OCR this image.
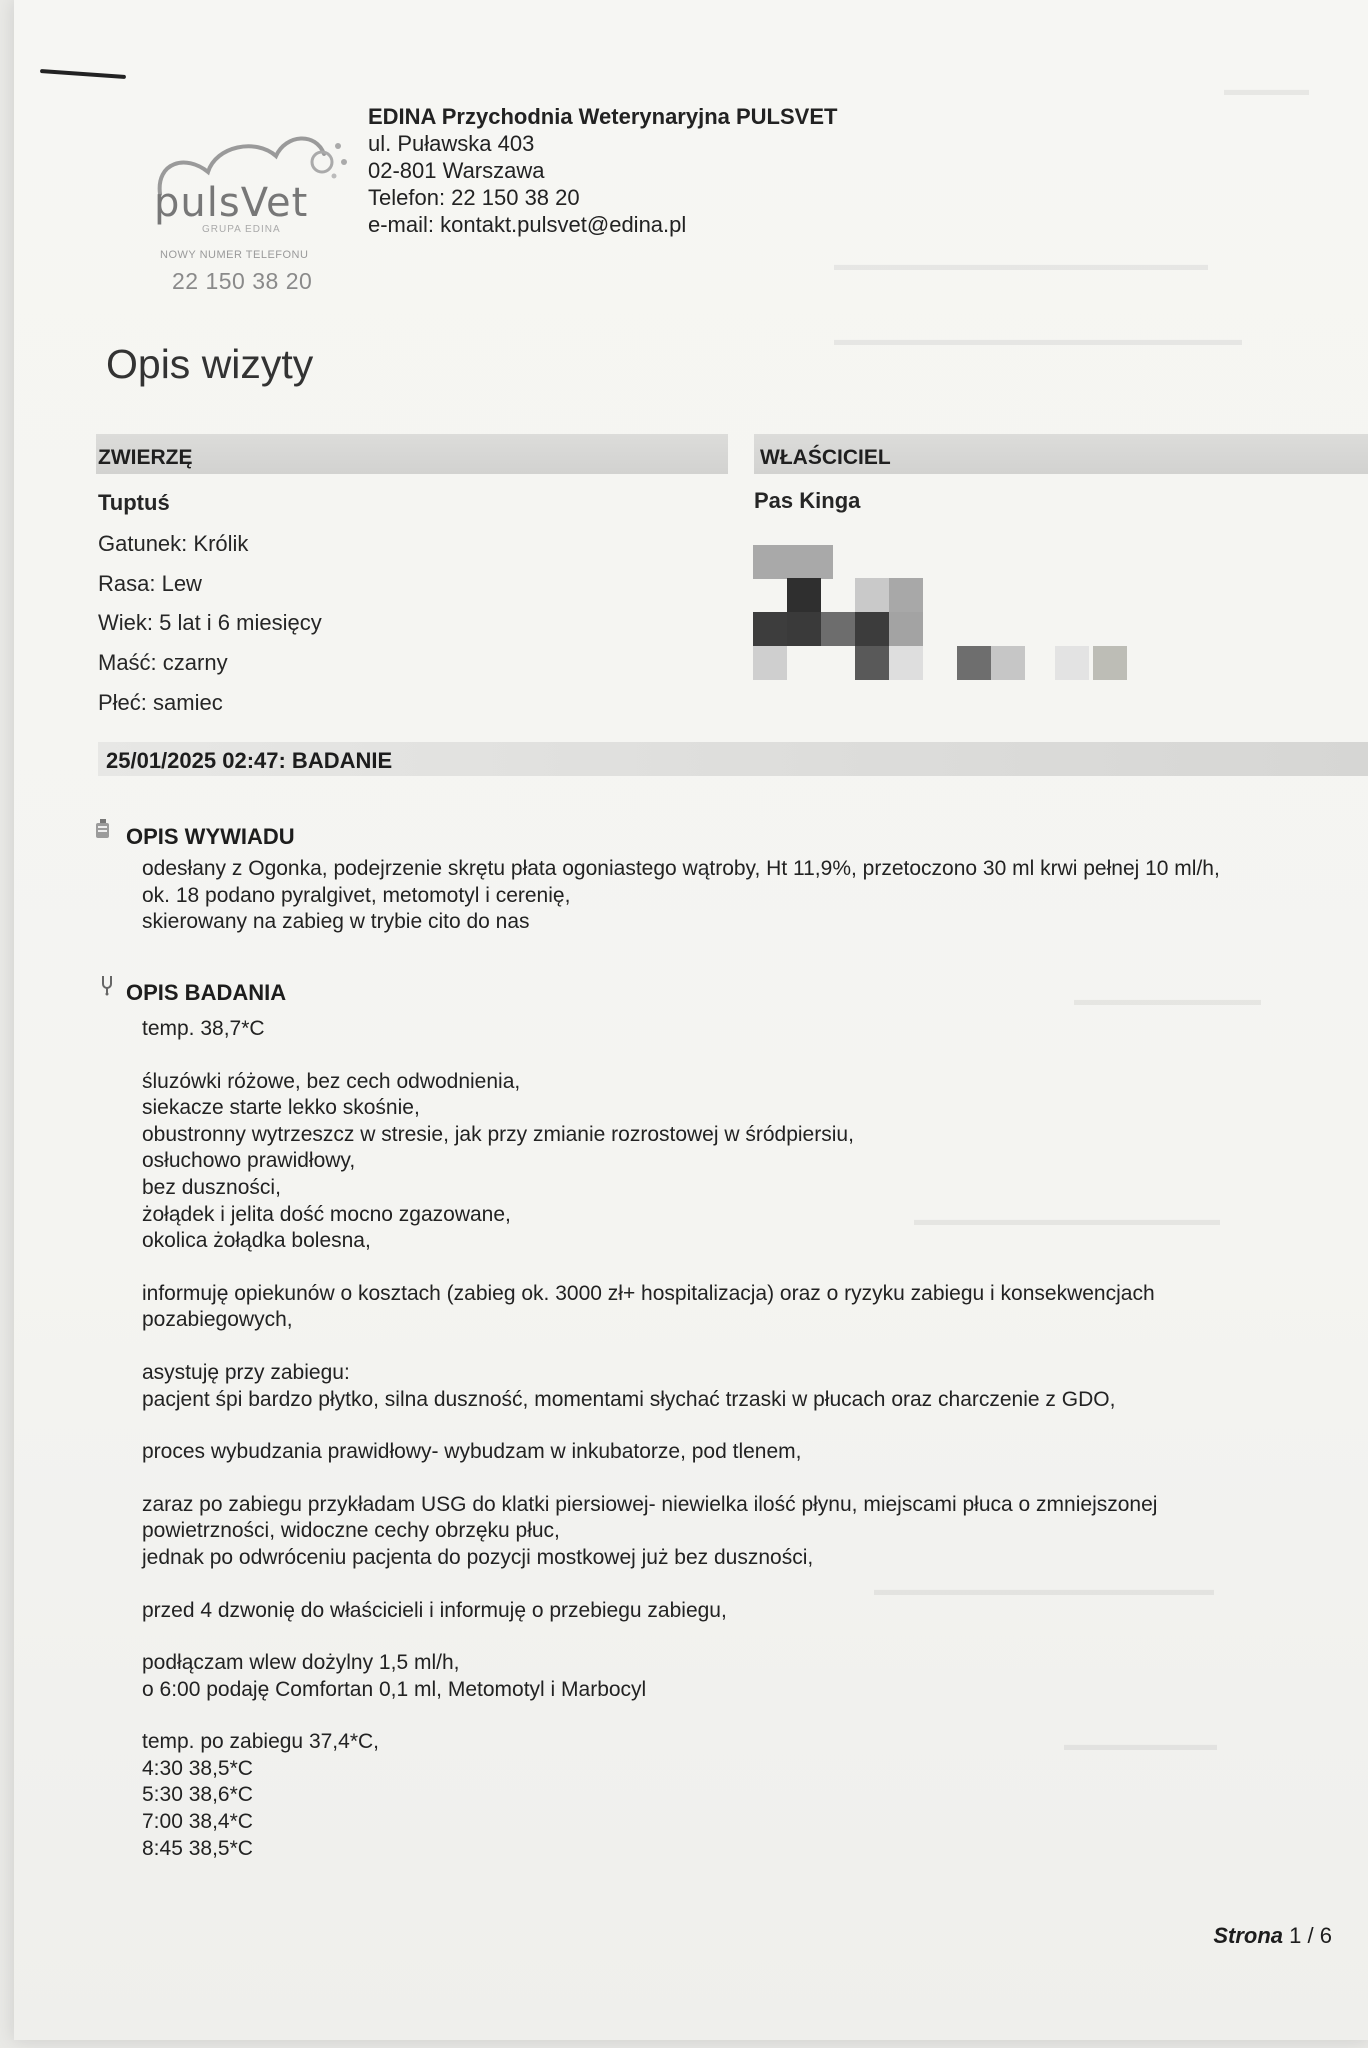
▬▬▬▬▬
▬▬▬▬▬▬▬▬▬▬▬▬▬▬▬▬▬▬▬▬▬▬
▬▬▬▬▬▬▬▬▬▬▬▬▬▬▬▬▬▬▬▬▬▬▬▬
▬▬▬▬▬▬▬▬▬▬▬
▬▬▬▬▬▬▬▬▬▬▬▬▬▬▬▬▬▬
▬▬▬▬▬▬▬▬▬▬▬▬▬▬▬▬▬▬▬▬
▬▬▬▬▬▬▬▬▬
pulsVet
GRUPA EDINA
NOWY NUMER TELEFONU
22 150 38 20
EDINA Przychodnia Weterynaryjna PULSVET
ul. Puławska 403
02-801 Warszawa
Telefon: 22 150 38 20
e-mail: kontakt.pulsvet@edina.pl
Opis wizyty
ZWIERZĘ
Tuptuś
Gatunek: Królik
Rasa: Lew
Wiek: 5 lat i 6 miesięcy
Maść: czarny
Płeć: samiec
WŁAŚCICIEL
Pas Kinga
25/01/2025 02:47: BADANIE
OPIS WYWIADU
odesłany z Ogonka, podejrzenie skrętu płata ogoniastego wątroby, Ht 11,9%, przetoczono 30 ml krwi pełnej 10 ml/h,
ok. 18 podano pyralgivet, metomotyl i cerenię,
skierowany na zabieg w trybie cito do nas
OPIS BADANIA
temp. 38,7*C
śluzówki różowe, bez cech odwodnienia,
siekacze starte lekko skośnie,
obustronny wytrzeszcz w stresie, jak przy zmianie rozrostowej w śródpiersiu,
osłuchowo prawidłowy,
bez duszności,
żołądek i jelita dość mocno zgazowane,
okolica żołądka bolesna,
informuję opiekunów o kosztach (zabieg ok. 3000 zł+ hospitalizacja) oraz o ryzyku zabiegu i konsekwencjach
pozabiegowych,
asystuję przy zabiegu:
pacjent śpi bardzo płytko, silna duszność, momentami słychać trzaski w płucach oraz charczenie z GDO,
proces wybudzania prawidłowy- wybudzam w inkubatorze, pod tlenem,
zaraz po zabiegu przykładam USG do klatki piersiowej- niewielka ilość płynu, miejscami płuca o zmniejszonej
powietrzności, widoczne cechy obrzęku płuc,
jednak po odwróceniu pacjenta do pozycji mostkowej już bez duszności,
przed 4 dzwonię do właścicieli i informuję o przebiegu zabiegu,
podłączam wlew dożylny 1,5 ml/h,
o 6:00 podaję Comfortan 0,1 ml, Metomotyl i Marbocyl
temp. po zabiegu 37,4*C,
4:30 38,5*C
5:30 38,6*C
7:00 38,4*C
8:45 38,5*C
Strona 1 / 6
